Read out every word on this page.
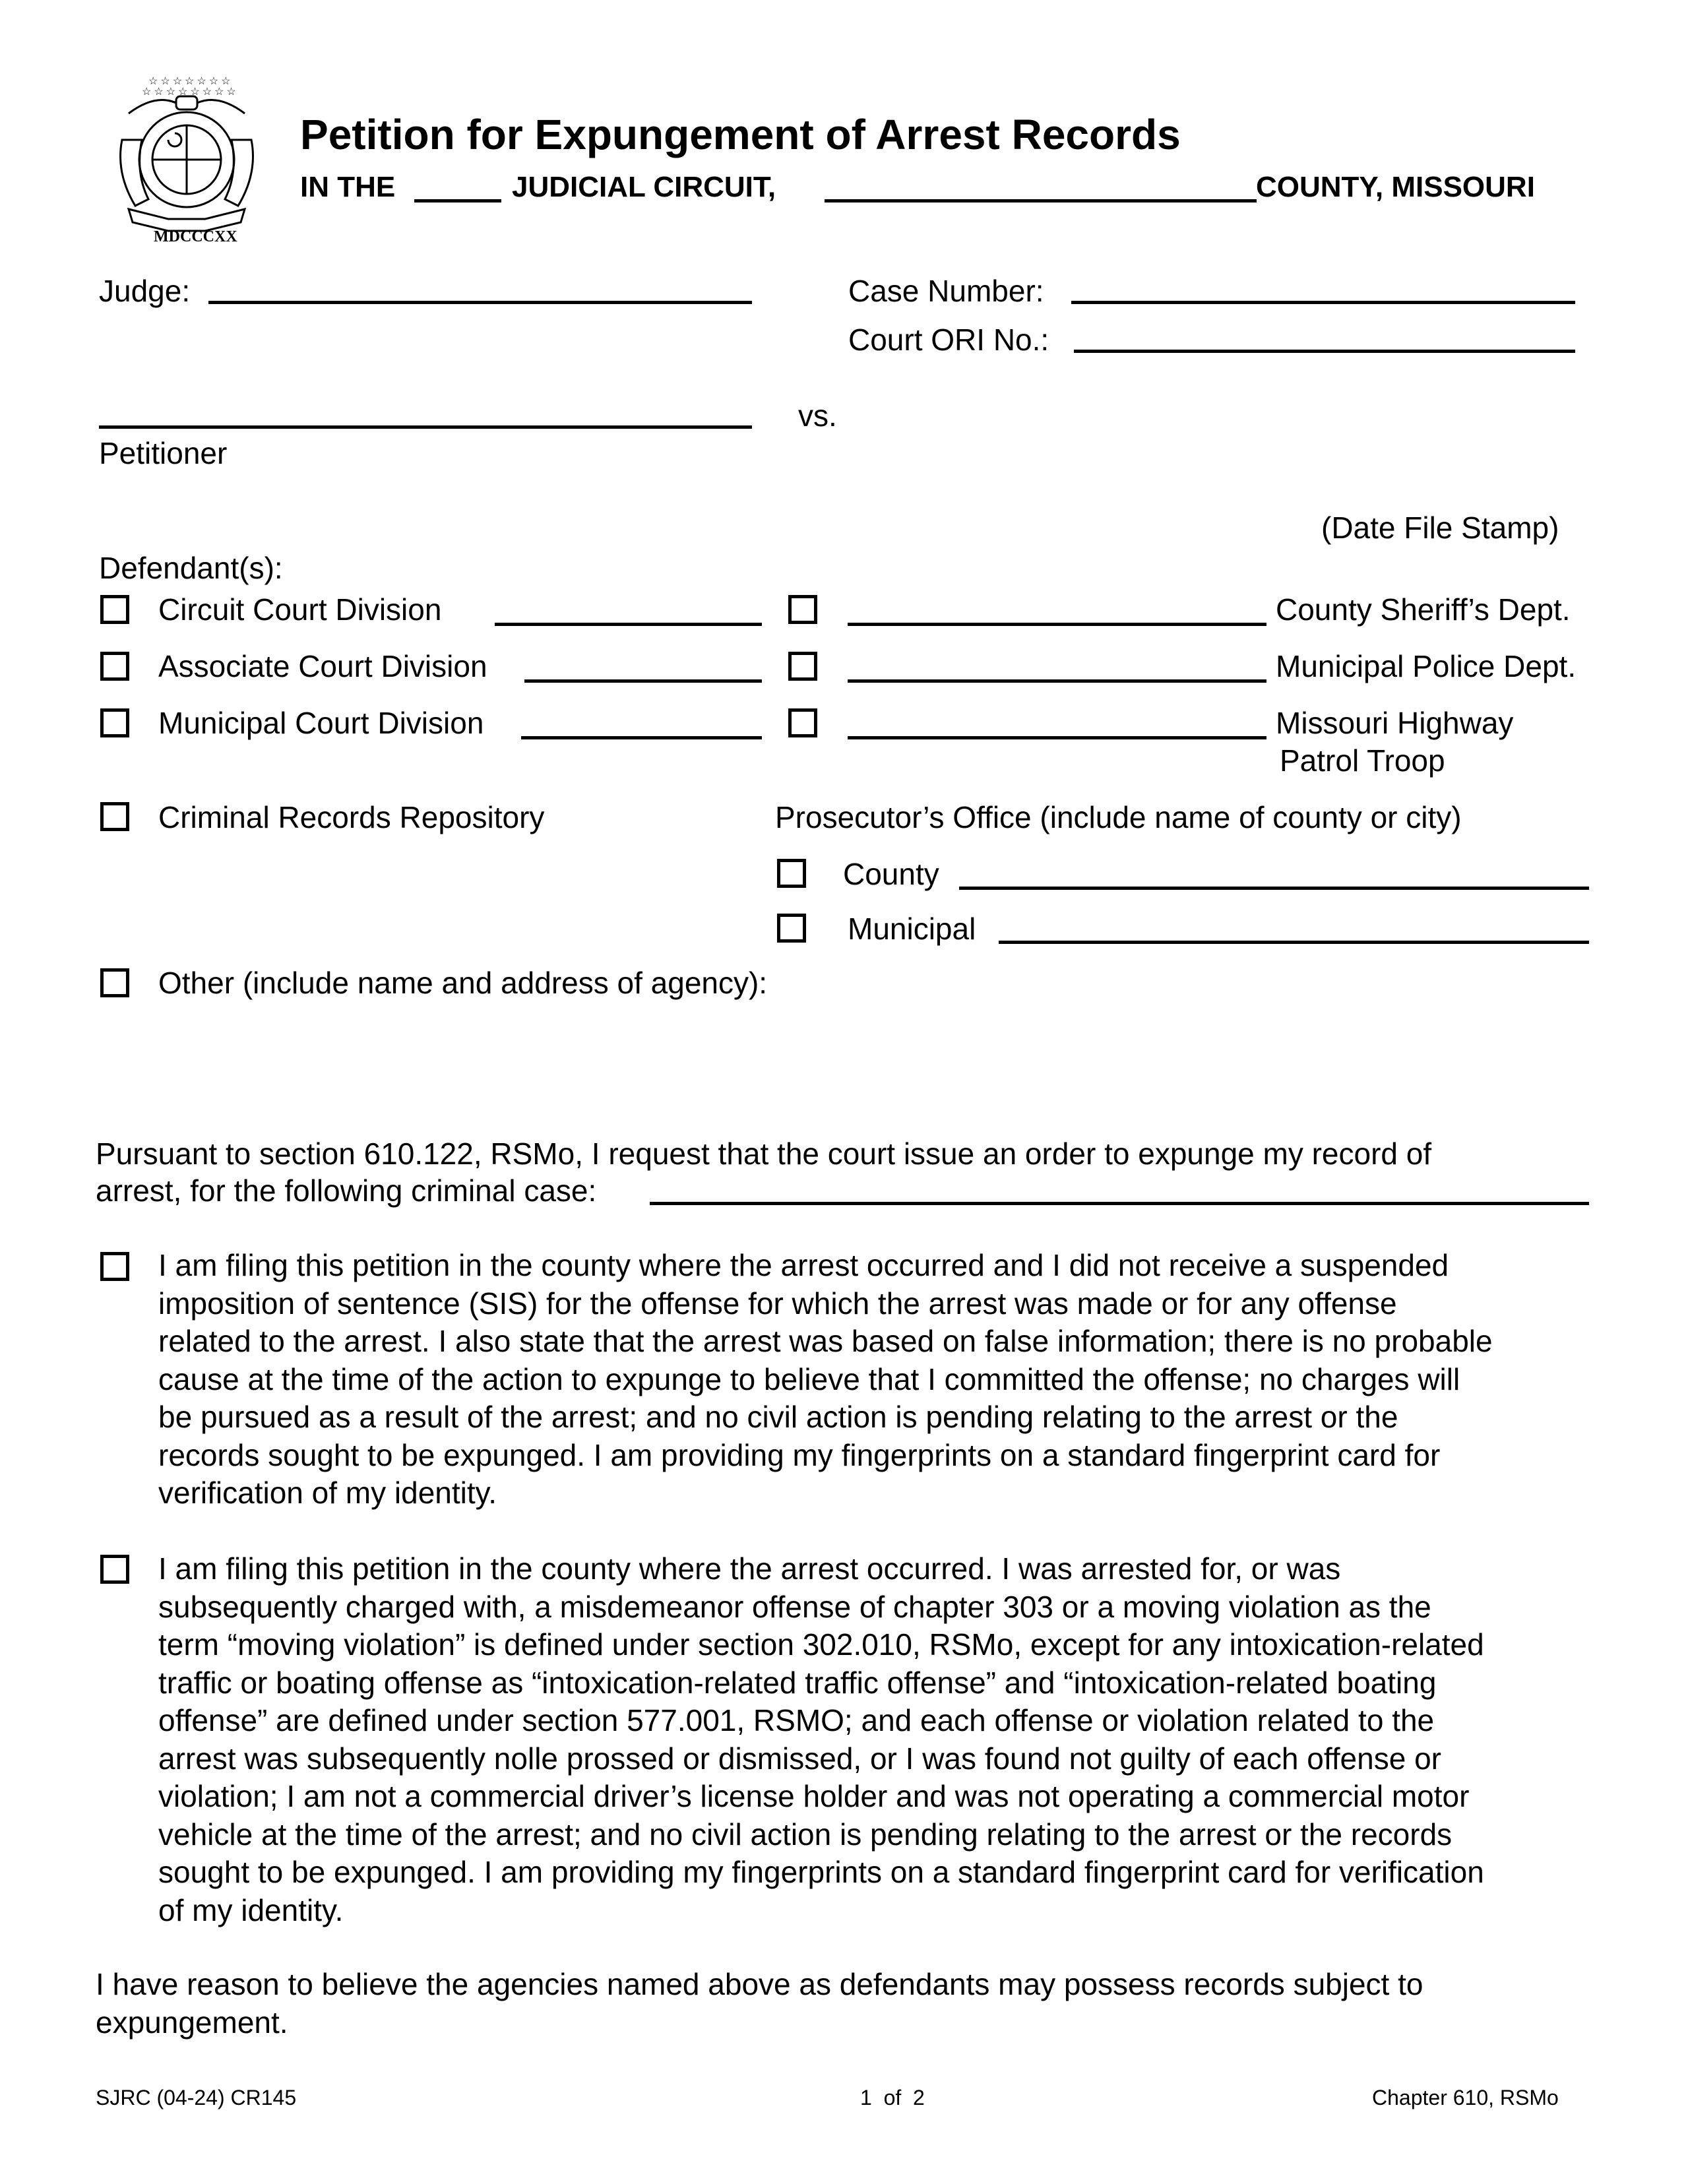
☆ ☆ ☆ ☆ ☆ ☆ ☆
☆ ☆ ☆ ☆ ☆ ☆ ☆ ☆
MDCCCXX
Petition for Expungement of Arrest Records
IN THE	JUDICIAL CIRCUIT,	COUNTY, MISSOURI
Judge:	Case Number:
Court ORI No.:
vs.
Petitioner
(Date File Stamp)
Defendant(s):
Circuit Court Division	County Sheriff’s Dept.
Associate Court Division	Municipal Police Dept.
Municipal Court Division	Missouri Highway
Patrol Troop
Criminal Records Repository	Prosecutor’s Office (include name of county or city)
County
Municipal
Other (include name and address of agency):
Pursuant to section 610.122, RSMo, I request that the court issue an order to expunge my record of
arrest, for the following criminal case:
I am filing this petition in the county where the arrest occurred and I did not receive a suspended
imposition of sentence (SIS) for the offense for which the arrest was made or for any offense
related to the arrest. I also state that the arrest was based on false information; there is no probable
cause at the time of the action to expunge to believe that I committed the offense; no charges will
be pursued as a result of the arrest; and no civil action is pending relating to the arrest or the
records sought to be expunged. I am providing my fingerprints on a standard fingerprint card for
verification of my identity.
I am filing this petition in the county where the arrest occurred. I was arrested for, or was
subsequently charged with, a misdemeanor offense of chapter 303 or a moving violation as the
term “moving violation” is defined under section 302.010, RSMo, except for any intoxication-related
traffic or boating offense as “intoxication-related traffic offense” and “intoxication-related boating
offense” are defined under section 577.001, RSMO; and each offense or violation related to the
arrest was subsequently nolle prossed or dismissed, or I was found not guilty of each offense or
violation; I am not a commercial driver’s license holder and was not operating a commercial motor
vehicle at the time of the arrest; and no civil action is pending relating to the arrest or the records
sought to be expunged. I am providing my fingerprints on a standard fingerprint card for verification
of my identity.
I have reason to believe the agencies named above as defendants may possess records subject to
expungement.
SJRC (04-24) CR145	1  of  2	Chapter 610, RSMo
